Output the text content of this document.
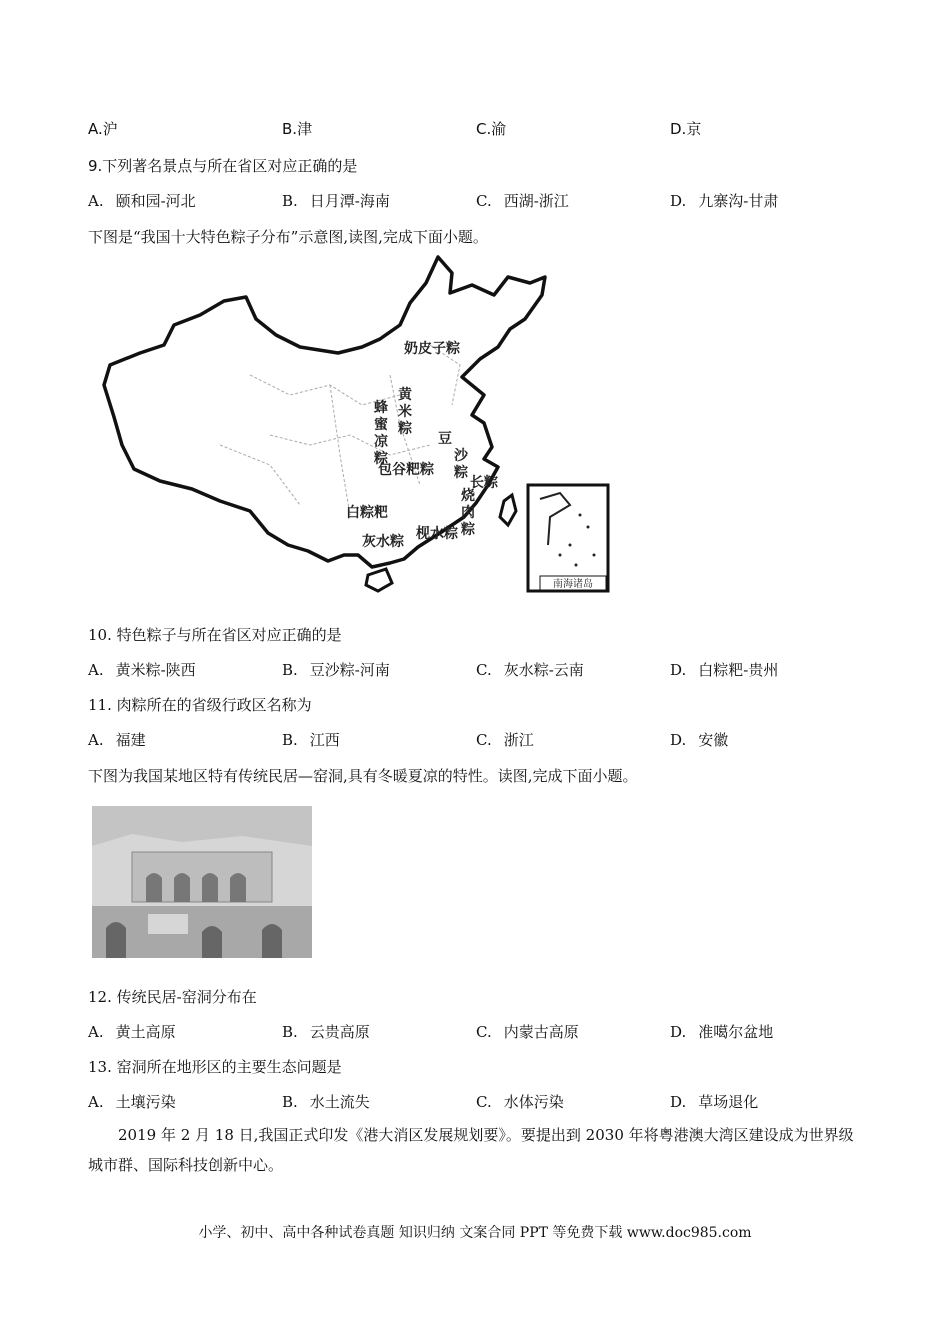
A.沪	B.津	C.渝	D.京
9.下列著名景点与所在省区对应正确的是
A. 颐和园-河北	B. 日月潭-海南	C. 西湖-浙江	D. 九寨沟-甘肃
下图是“我国十大特色粽子分布”示意图,读图,完成下面小题。
南海诸岛
奶皮子粽
黄
米
粽
蜂
蜜
凉
粽
豆
沙
粽
包谷粑粽
长粽
烧
肉
粽
白粽粑
灰水粽 枧水粽
10. 特色粽子与所在省区对应正确的是
A. 黄米粽-陕西	B. 豆沙粽-河南	C. 灰水粽-云南	D. 白粽粑-贵州
11. 肉粽所在的省级行政区名称为
A. 福建	B. 江西	C. 浙江	D. 安徽
下图为我国某地区特有传统民居—窑洞,具有冬暖夏凉的特性。读图,完成下面小题。
12. 传统民居-窑洞分布在
A. 黄土高原	B. 云贵高原	C. 内蒙古高原	D. 准噶尔盆地
13. 窑洞所在地形区的主要生态问题是
A. 土壤污染	B. 水土流失	C. 水体污染	D. 草场退化
2019 年 2 月 18 日,我国正式印发《港大消区发展规划要》。要提出到 2030 年将粤港澳大湾区建设成为世界级城市群、国际科技创新中心。
小学、初中、高中各种试卷真题 知识归纳 文案合同 PPT 等免费下载 www.doc985.com
